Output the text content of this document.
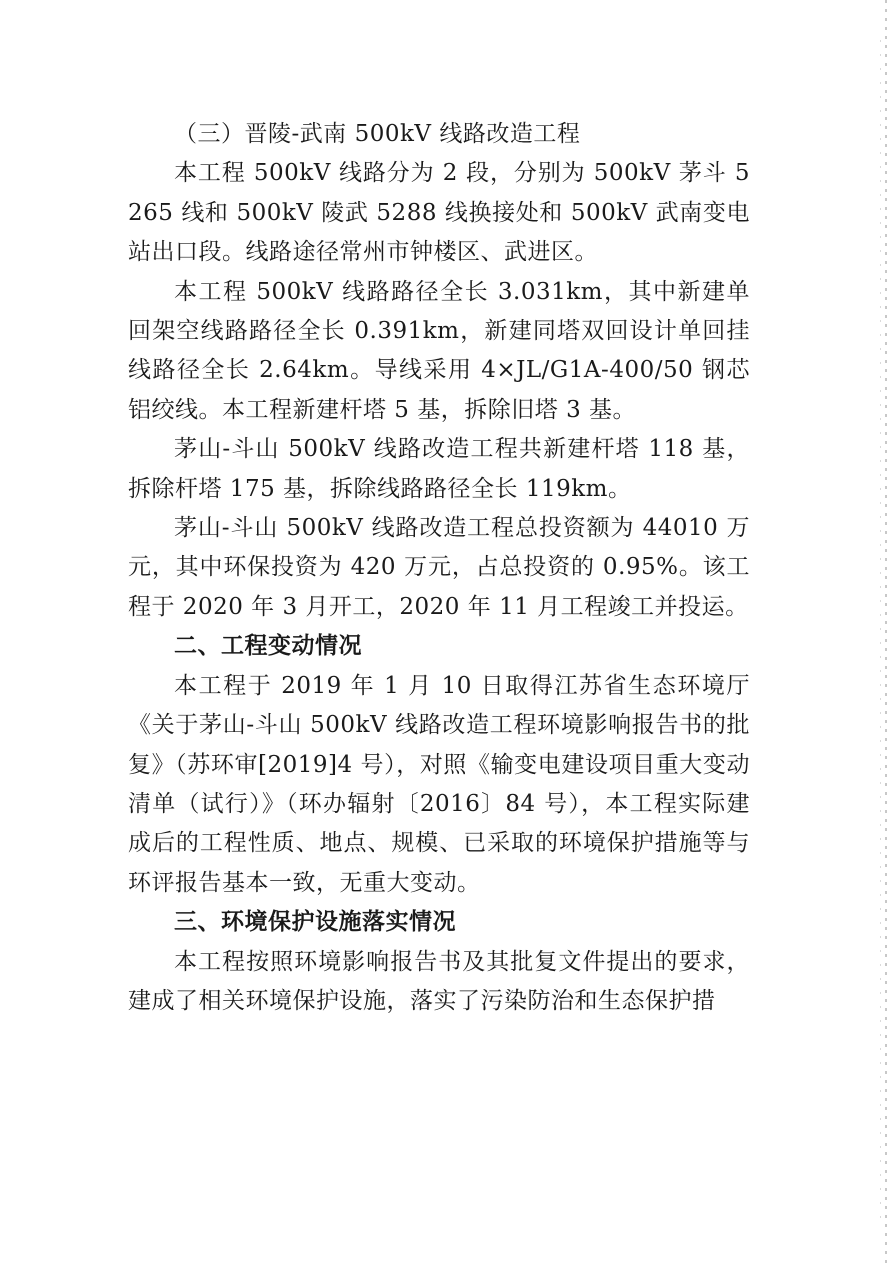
（三）晋陵-武南 500kV 线路改造工程

本工程 500kV 线路分为 2 段，分别为 500kV 茅斗 5265 线和 500kV 陵武 5288 线换接处和 500kV 武南变电站出口段。线路途径常州市钟楼区、武进区。

本工程 500kV 线路路径全长 3.031km，其中新建单回架空线路路径全长 0.391km，新建同塔双回设计单回挂线路径全长 2.64km。导线采用 4×JL/G1A-400/50 钢芯铝绞线。本工程新建杆塔 5 基，拆除旧塔 3 基。

茅山-斗山 500kV 线路改造工程共新建杆塔 118 基，拆除杆塔 175 基，拆除线路路径全长 119km。

茅山-斗山 500kV 线路改造工程总投资额为 44010 万元，其中环保投资为 420 万元，占总投资的 0.95%。该工程于 2020 年 3 月开工，2020 年 11 月工程竣工并投运。

二、工程变动情况

本工程于 2019 年 1 月 10 日取得江苏省生态环境厅《关于茅山-斗山 500kV 线路改造工程环境影响报告书的批复》（苏环审[2019]4 号），对照《输变电建设项目重大变动清单（试行）》（环办辐射〔2016〕84 号），本工程实际建成后的工程性质、地点、规模、已采取的环境保护措施等与环评报告基本一致，无重大变动。

三、环境保护设施落实情况

本工程按照环境影响报告书及其批复文件提出的要求，建成了相关环境保护设施，落实了污染防治和生态保护措
